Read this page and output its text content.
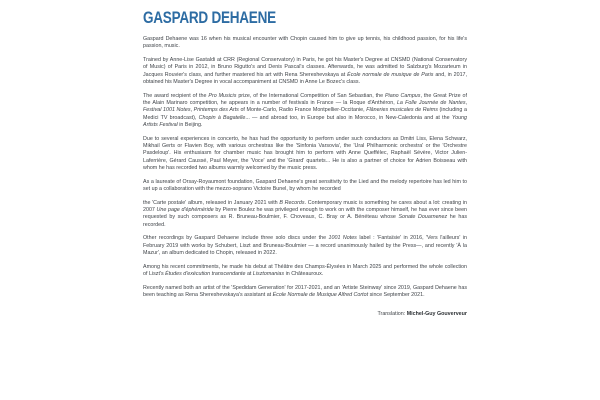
GASPARD DEHAENE

Gaspard Dehaene was 16 when his musical encounter with Chopin caused him to give up tennis, his childhood passion, for his life's passion, music.

Trained by Anne-Lise Gastaldi at CRR (Regional Conservatory) in Paris, he got his Master's Degree at CNSMD (National Conservatory of Music) of Paris in 2012, in Bruno Rigutto's and Denis Pascal's classes. Afterwards, he was admitted to Salzburg's Mozarteum in Jacques Rouvier's class, and further mastered his art with Rena Shereshevskaya at École normale de musique de Paris and, in 2017, obtained his Master's Degree in vocal accompaniment at CNSMD in Anne Le Bozec's class.

The award recipient of the Pro Musicis prize, of the International Competition of San Sebastian, the Piano Campus, the Great Prize of the Alain Marinaro competition, he appears in a number of festivals in France — la Roque d'Anthéron, La Folle Journée de Nantes, Festival 1001 Notes, Printemps des Arts of Monte-Carlo, Radio France Montpellier-Occitanie, Flâneries musicales de Reims (including a Medici TV broadcast), Chopin à Bagatelle... — and abroad too, in Europe but also in Morocco, in New-Caledonia and at the Young Artists Festival in Beijing.

Due to several experiences in concerto, he has had the opportunity to perform under such conductors as Dmitri Liss, Elena Schwarz, Mikhail Gerts or Flavien Boy, with various orchestras like the 'Sinfonia Varsovia', the 'Ural Philharmonic orchestra' or the 'Orchestre Pasdeloup'. His enthusiasm for chamber music has brought him to perform with Anne Queffélec, Raphaël Sévère, Victor Julien-Laferrière, Gérard Caussé, Paul Meyer, the 'Voce' and the 'Girard' quartets... He is also a partner of choice for Adrien Boisseau with whom he has recorded two albums warmly welcomed by the music press.

As a laureate of Orsay-Royaumont foundation, Gaspard Dehaene's great sensitivity to the Lied and the melody repertoire has led him to set up a collaboration with the mezzo-soprano Victoire Bunel, by whom he recorded

the 'Carte postale' album, released in January 2021 with B Records. Contemporary music is something he cares about a lot: creating in 2007 Une page d'éphéméride by Pierre Boulez he was privileged enough to work on with the composer himself, he has ever since been requested by such composers as R. Bruneau-Boulmier, F. Choveaux, C. Bray or A. Bénéteau whose Sonate Douarnenez he has recorded.

Other recordings by Gaspard Dehaene include three solo discs under the 1001 Notes label : 'Fantaïsie' in 2016, 'Vers l'ailleurs' in February 2019 with works by Schubert, Liszt and Bruneau-Boulmier — a record unanimously hailed by the Press—, and recently 'À la Mazur', an album dedicated to Chopin, released in 2022.

Among his recent commitments, he made his debut at Théâtre des Champs-Élysées in March 2025 and performed the whole collection of Liszt's Études d'exécution transcendante at Lisztomanias in Châteauroux.

Recently named both an artist of the 'Spedidam Generation' for 2017-2021, and an 'Artiste Steinway' since 2019, Gaspard Dehaene has been teaching as Rena Shereshevskaya's assistant at École Normale de Musique Alfred Cortot since September 2021.

Translation: Michel-Guy Gouverveur
